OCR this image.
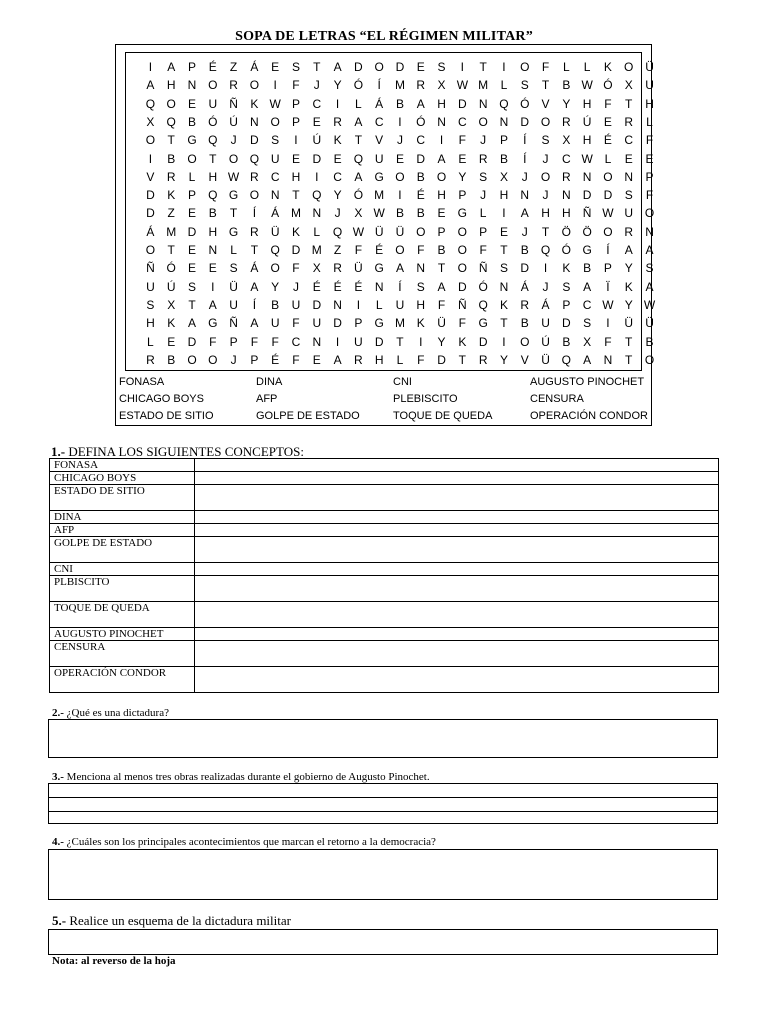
SOPA DE LETRAS “EL RÉGIMEN MILITAR”
I	A	P	É	Z	Á	E	S	T	A	D O D	E	S	I	T	I	O	F	L	L	K	O Ü
A	H	N O R O	I	F	J	Y	Ó	Í	M R	X W M	L	S	T	B W Ó	X	U
Q O	E	U	Ñ	K W P	C	I	L	Á	B	A	H	D	N Q Ó	V	Y	H	F	T	H
X	Q	B	Ó Ú	N O	P	E	R	A	C	I	Ó N	C O N	D O R	Ú	E	R	L
O	T	G Q	J	D	S	I	Ú	K	T	V	J	C	I	F	J	P	Í	S	X	H	É	C	F
I	B	O	T	O Q U	E	D	E	Q U	E	D	A	E	R	B	Í	J	C W L	E	E
V	R	L	H W R	C	H	I	C	A	G O	B	O	Y	S	X	J	O R	N O N	P
D	K	P	Q G O N	T	Q	Y	Ó M	I	É	H	P	J	H	N	J	N	D	D	S	F
D	Z	E	B	T	Í	Á M N	J	X W B	B	E	G	L	I	A	H	H	Ñ W U O
Á M D	H G R	Ü	K	L	Q W Ü	Ü O	P	O	P	E	J	T	Ö Ö O R	N
O	T	E	N	L	T	Q D M	Z	F	É	O	F	B	O	F	T	B	Q Ó G	Í	A	A
Ñ Ó	E	E	S	Á	O	F	X	R	Ü G	A	N	T	O Ñ	S	D	I	K	B	P	Y	S
U	Ú	S	I	Ü	A	Y	J	É	É	É	N	Í	S	A	D Ó N	Á	J	S	A	Ï	K	A
S	X	T	A	U	Í	B	U	D	N	I	L	U	H	F	Ñ Q	K	R	Á	P	C W Y W
H	K	A	G Ñ	A	U	F	U	D	P	G M K	Ü	F	G	T	B	U	D	S	I	Ü	Ü
L	E	D	F	P	F	F	C	N	I	U	D	T	I	Y	K	D	I	O Ú	B	X	F	T	B
R	B	O O	J	P	É	F	E	A	R	H	L	F	D	T	R	Y	V	Ü Q	A	N	T	O
FONASA	DINA	CNI	AUGUSTO PINOCHET
CHICAGO BOYS	AFP	PLEBISCITO	CENSURA
ESTADO DE SITIO	GOLPE DE ESTADO	TOQUE DE QUEDA	OPERACIÓN CONDOR
1.- DEFINA LOS SIGUIENTES CONCEPTOS:
FONASA	
CHICAGO BOYS	
ESTADO DE SITIO	
DINA	
AFP	
GOLPE DE ESTADO	
CNI	
PLBISCITO	
TOQUE DE QUEDA	
AUGUSTO PINOCHET	
CENSURA	
OPERACIÓN CONDOR	
2.- ¿Qué es una dictadura?
3.- Menciona al menos tres obras realizadas durante el gobierno de Augusto Pinochet.
4.- ¿Cuáles son los principales acontecimientos que marcan el retorno a la democracia?
5.- Realice un esquema de la dictadura militar
Nota: al reverso de la hoja
